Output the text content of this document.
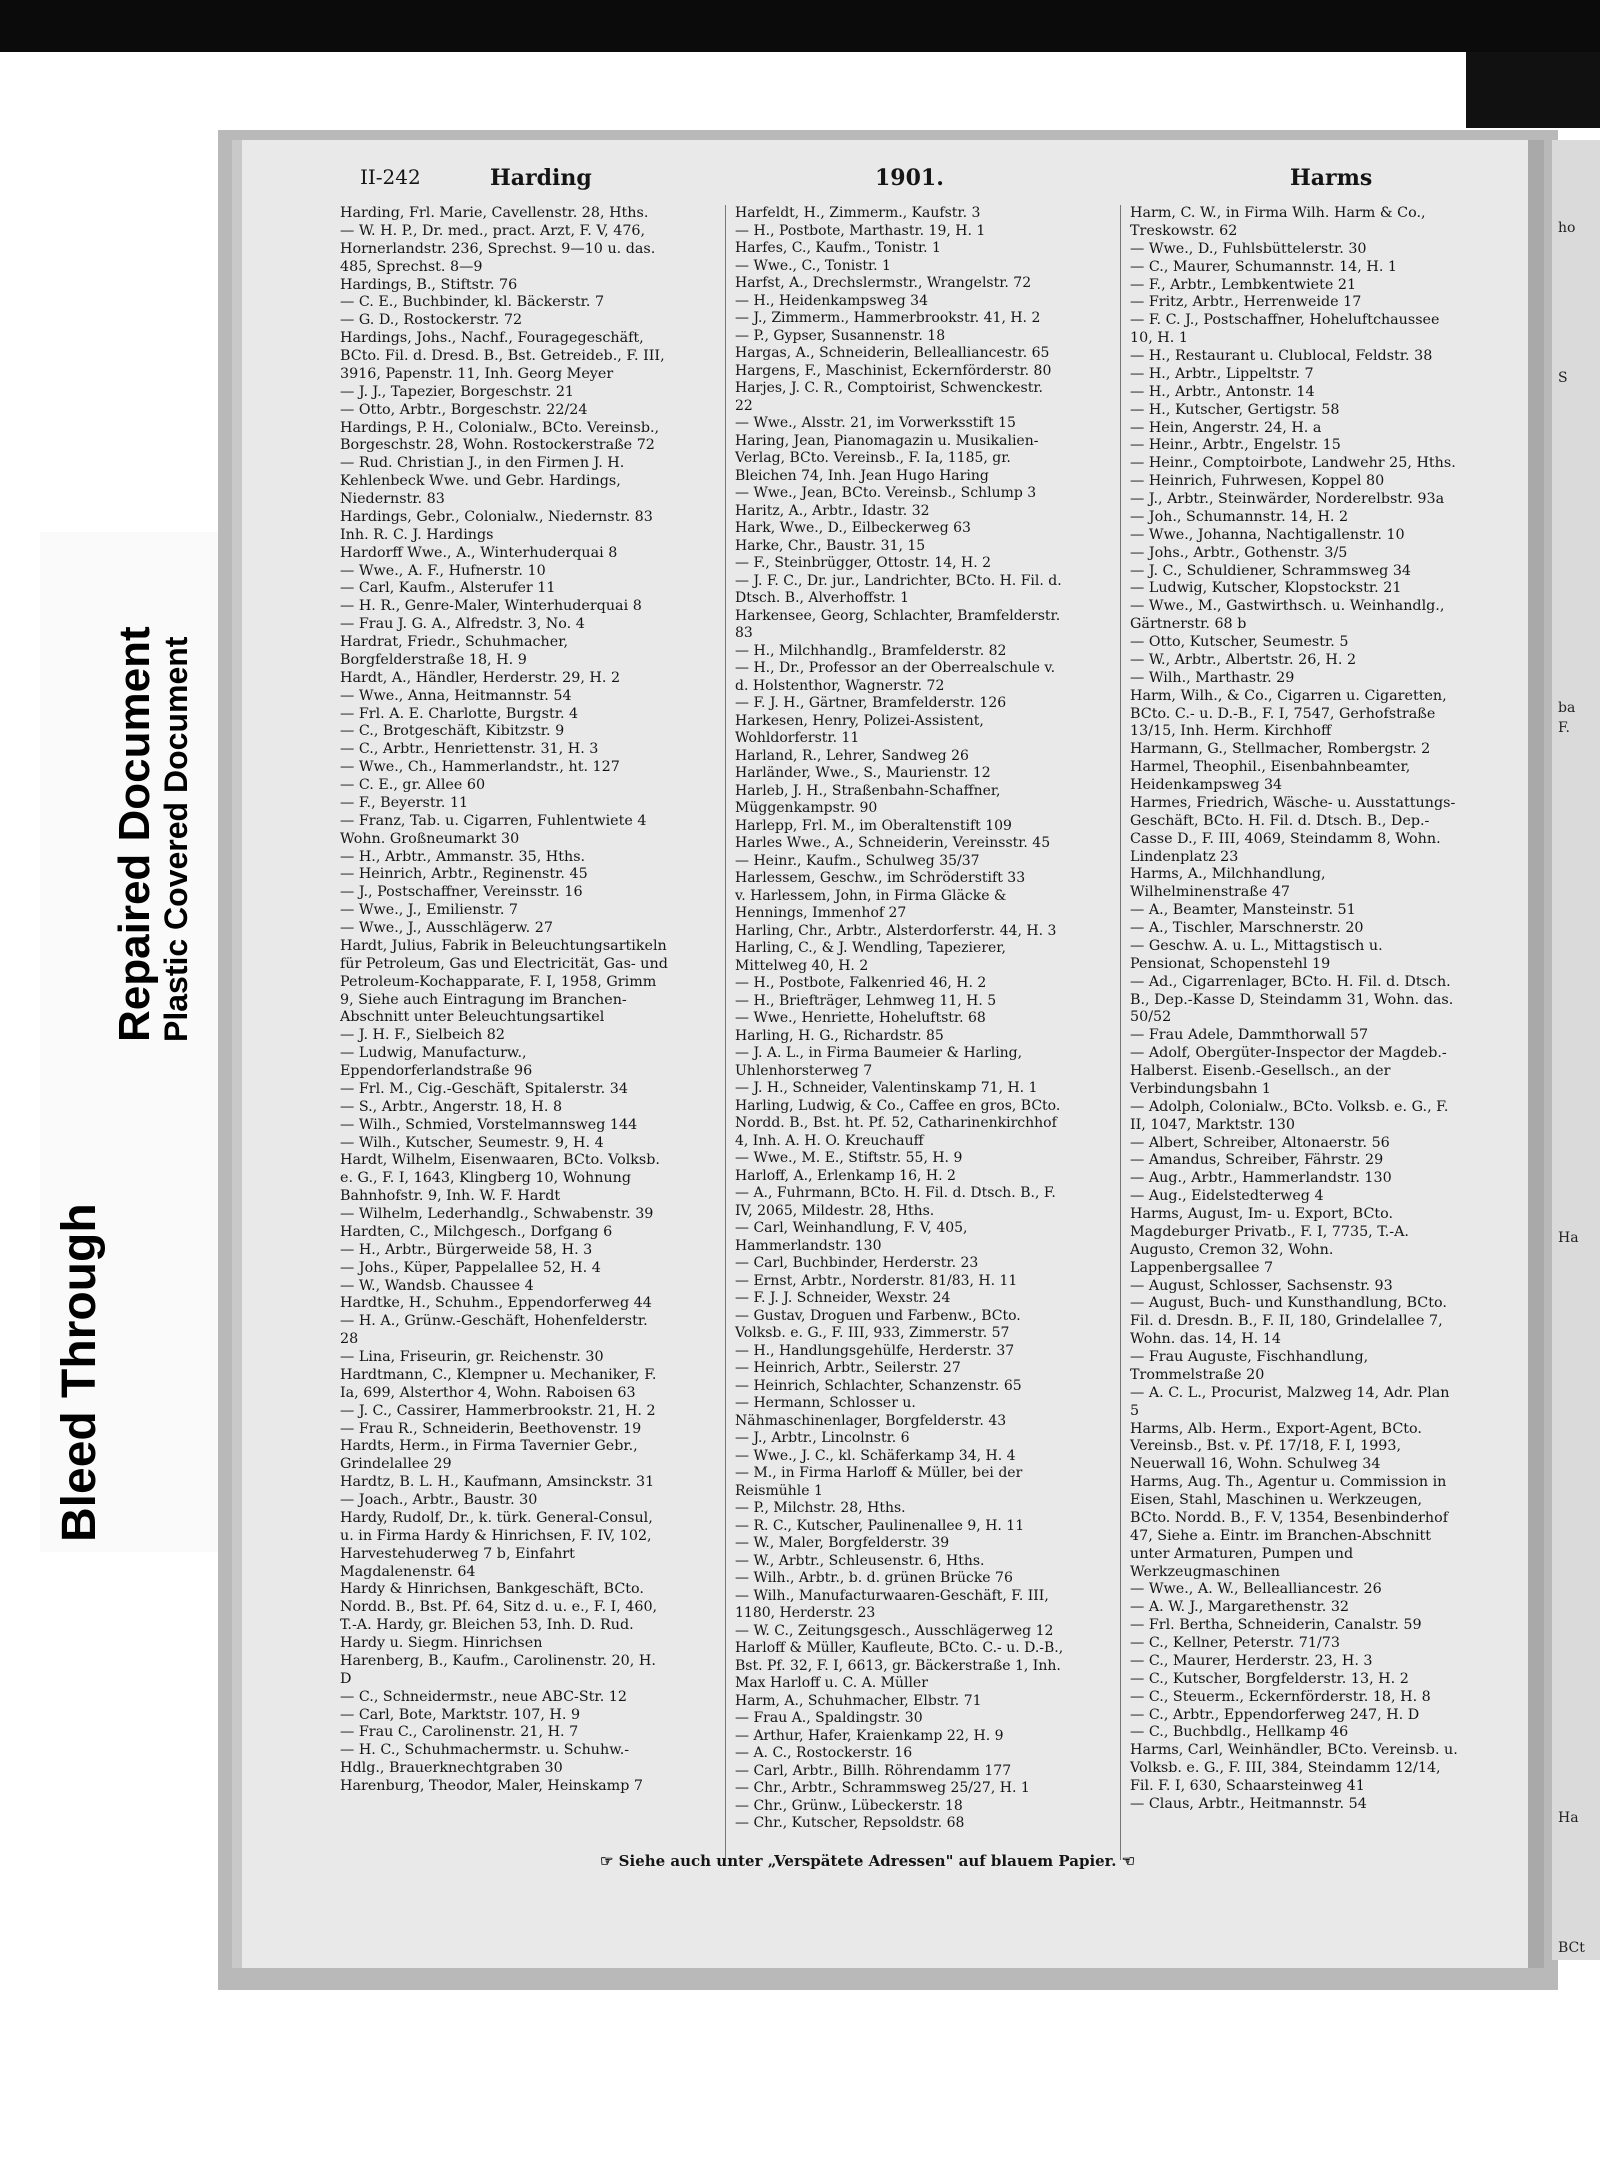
Bleed Through
Repaired Document Plastic Covered Document
II-242	Harding	1901.	Harms

Harding, Frl. Marie, Cavellenstr. 28, Hths.

— W. H. P., Dr. med., pract. Arzt, F. V, 476, Hornerlandstr. 236, Sprechst. 9—10 u. das. 485, Sprechst. 8—9

Hardings, B., Stiftstr. 76

— C. E., Buchbinder, kl. Bäckerstr. 7

— G. D., Rostockerstr. 72

Hardings, Johs., Nachf., Fouragegeschäft, BCto. Fil. d. Dresd. B., Bst. Getreideb., F. III, 3916, Papenstr. 11, Inh. Georg Meyer

— J. J., Tapezier, Borgeschstr. 21

— Otto, Arbtr., Borgeschstr. 22/24

Hardings, P. H., Colonialw., BCto. Vereinsb., Borgeschstr. 28, Wohn. Rostockerstraße 72

— Rud. Christian J., in den Firmen J. H. Kehlenbeck Wwe. und Gebr. Hardings, Niedernstr. 83

Hardings, Gebr., Colonialw., Niedernstr. 83 Inh. R. C. J. Hardings

Hardorff Wwe., A., Winterhuderquai 8

— Wwe., A. F., Hufnerstr. 10

— Carl, Kaufm., Alsterufer 11

— H. R., Genre-Maler, Winterhuderquai 8

— Frau J. G. A., Alfredstr. 3, No. 4

Hardrat, Friedr., Schuhmacher, Borgfelderstraße 18, H. 9

Hardt, A., Händler, Herderstr. 29, H. 2

— Wwe., Anna, Heitmannstr. 54

— Frl. A. E. Charlotte, Burgstr. 4

— C., Brotgeschäft, Kibitzstr. 9

— C., Arbtr., Henriettenstr. 31, H. 3

— Wwe., Ch., Hammerlandstr., ht. 127

— C. E., gr. Allee 60

— F., Beyerstr. 11

— Franz, Tab. u. Cigarren, Fuhlentwiete 4 Wohn. Großneumarkt 30

— H., Arbtr., Ammanstr. 35, Hths.

— Heinrich, Arbtr., Reginenstr. 45

— J., Postschaffner, Vereinsstr. 16

— Wwe., J., Emilienstr. 7

— Wwe., J., Ausschlägerw. 27

Hardt, Julius, Fabrik in Beleuchtungsartikeln für Petroleum, Gas und Electricität, Gas- und Petroleum-Kochapparate, F. I, 1958, Grimm 9, Siehe auch Eintragung im Branchen-Abschnitt unter Beleuchtungsartikel

— J. H. F., Sielbeich 82

— Ludwig, Manufacturw., Eppendorferlandstraße 96

— Frl. M., Cig.-Geschäft, Spitalerstr. 34

— S., Arbtr., Angerstr. 18, H. 8

— Wilh., Schmied, Vorstelmannsweg 144

— Wilh., Kutscher, Seumestr. 9, H. 4

Hardt, Wilhelm, Eisenwaaren, BCto. Volksb. e. G., F. I, 1643, Klingberg 10, Wohnung Bahnhofstr. 9, Inh. W. F. Hardt

— Wilhelm, Lederhandlg., Schwabenstr. 39

Hardten, C., Milchgesch., Dorfgang 6

— H., Arbtr., Bürgerweide 58, H. 3

— Johs., Küper, Pappelallee 52, H. 4

— W., Wandsb. Chaussee 4

Hardtke, H., Schuhm., Eppendorferweg 44

— H. A., Grünw.-Geschäft, Hohenfelderstr. 28

— Lina, Friseurin, gr. Reichenstr. 30

Hardtmann, C., Klempner u. Mechaniker, F. Ia, 699, Alsterthor 4, Wohn. Raboisen 63

— J. C., Cassirer, Hammerbrookstr. 21, H. 2

— Frau R., Schneiderin, Beethovenstr. 19

Hardts, Herm., in Firma Tavernier Gebr., Grindelallee 29

Hardtz, B. L. H., Kaufmann, Amsinckstr. 31

— Joach., Arbtr., Baustr. 30

Hardy, Rudolf, Dr., k. türk. General-Consul, u. in Firma Hardy & Hinrichsen, F. IV, 102, Harvestehuderweg 7 b, Einfahrt Magdalenenstr. 64

Hardy & Hinrichsen, Bankgeschäft, BCto. Nordd. B., Bst. Pf. 64, Sitz d. u. e., F. I, 460, T.-A. Hardy, gr. Bleichen 53, Inh. D. Rud. Hardy u. Siegm. Hinrichsen

Harenberg, B., Kaufm., Carolinenstr. 20, H. D

— C., Schneidermstr., neue ABC-Str. 12

— Carl, Bote, Marktstr. 107, H. 9

— Frau C., Carolinenstr. 21, H. 7

— H. C., Schuhmachermstr. u. Schuhw.-Hdlg., Brauerknechtgraben 30

Harenburg, Theodor, Maler, Heinskamp 7

Harfeldt, H., Zimmerm., Kaufstr. 3

— H., Postbote, Marthastr. 19, H. 1

Harfes, C., Kaufm., Tonistr. 1

— Wwe., C., Tonistr. 1

Harfst, A., Drechslermstr., Wrangelstr. 72

— H., Heidenkampsweg 34

— J., Zimmerm., Hammerbrookstr. 41, H. 2

— P., Gypser, Susannenstr. 18

Hargas, A., Schneiderin, Bellealliancestr. 65

Hargens, F., Maschinist, Eckernförderstr. 80

Harjes, J. C. R., Comptoirist, Schwenckestr. 22

— Wwe., Alsstr. 21, im Vorwerksstift 15

Haring, Jean, Pianomagazin u. Musikalien-Verlag, BCto. Vereinsb., F. Ia, 1185, gr. Bleichen 74, Inh. Jean Hugo Haring

— Wwe., Jean, BCto. Vereinsb., Schlump 3

Haritz, A., Arbtr., Idastr. 32

Hark, Wwe., D., Eilbeckerweg 63

Harke, Chr., Baustr. 31, 15

— F., Steinbrügger, Ottostr. 14, H. 2

— J. F. C., Dr. jur., Landrichter, BCto. H. Fil. d. Dtsch. B., Alverhoffstr. 1

Harkensee, Georg, Schlachter, Bramfelderstr. 83

— H., Milchhandlg., Bramfelderstr. 82

— H., Dr., Professor an der Oberrealschule v. d. Holstenthor, Wagnerstr. 72

— F. J. H., Gärtner, Bramfelderstr. 126

Harkesen, Henry, Polizei-Assistent, Wohldorferstr. 11

Harland, R., Lehrer, Sandweg 26

Harländer, Wwe., S., Maurienstr. 12

Harleb, J. H., Straßenbahn-Schaffner, Müggenkampstr. 90

Harlepp, Frl. M., im Oberaltenstift 109

Harles Wwe., A., Schneiderin, Vereinsstr. 45

— Heinr., Kaufm., Schulweg 35/37

Harlessem, Geschw., im Schröderstift 33

v. Harlessem, John, in Firma Gläcke & Hennings, Immenhof 27

Harling, Chr., Arbtr., Alsterdorferstr. 44, H. 3

Harling, C., & J. Wendling, Tapezierer, Mittelweg 40, H. 2

— H., Postbote, Falkenried 46, H. 2

— H., Briefträger, Lehmweg 11, H. 5

— Wwe., Henriette, Hoheluftstr. 68

Harling, H. G., Richardstr. 85

— J. A. L., in Firma Baumeier & Harling, Uhlenhorsterweg 7

— J. H., Schneider, Valentinskamp 71, H. 1

Harling, Ludwig, & Co., Caffee en gros, BCto. Nordd. B., Bst. ht. Pf. 52, Catharinenkirchhof 4, Inh. A. H. O. Kreuchauff

— Wwe., M. E., Stiftstr. 55, H. 9

Harloff, A., Erlenkamp 16, H. 2

— A., Fuhrmann, BCto. H. Fil. d. Dtsch. B., F. IV, 2065, Mildestr. 28, Hths.

— Carl, Weinhandlung, F. V, 405, Hammerlandstr. 130

— Carl, Buchbinder, Herderstr. 23

— Ernst, Arbtr., Norderstr. 81/83, H. 11

— F. J. J. Schneider, Wexstr. 24

— Gustav, Droguen und Farbenw., BCto. Volksb. e. G., F. III, 933, Zimmerstr. 57

— H., Handlungsgehülfe, Herderstr. 37

— Heinrich, Arbtr., Seilerstr. 27

— Heinrich, Schlachter, Schanzenstr. 65

— Hermann, Schlosser u. Nähmaschinenlager, Borgfelderstr. 43

— J., Arbtr., Lincolnstr. 6

— Wwe., J. C., kl. Schäferkamp 34, H. 4

— M., in Firma Harloff & Müller, bei der Reismühle 1

— P., Milchstr. 28, Hths.

— R. C., Kutscher, Paulinenallee 9, H. 11

— W., Maler, Borgfelderstr. 39

— W., Arbtr., Schleusenstr. 6, Hths.

— Wilh., Arbtr., b. d. grünen Brücke 76

— Wilh., Manufacturwaaren-Geschäft, F. III, 1180, Herderstr. 23

— W. C., Zeitungsgesch., Ausschlägerweg 12

Harloff & Müller, Kaufleute, BCto. C.- u. D.-B., Bst. Pf. 32, F. I, 6613, gr. Bäckerstraße 1, Inh. Max Harloff u. C. A. Müller

Harm, A., Schuhmacher, Elbstr. 71

— Frau A., Spaldingstr. 30

— Arthur, Hafer, Kraienkamp 22, H. 9

— A. C., Rostockerstr. 16

— Carl, Arbtr., Billh. Röhrendamm 177

— Chr., Arbtr., Schrammsweg 25/27, H. 1

— Chr., Grünw., Lübeckerstr. 18

— Chr., Kutscher, Repsoldstr. 68

Harm, C. W., in Firma Wilh. Harm & Co., Treskowstr. 62

— Wwe., D., Fuhlsbüttelerstr. 30

— C., Maurer, Schumannstr. 14, H. 1

— F., Arbtr., Lembkentwiete 21

— Fritz, Arbtr., Herrenweide 17

— F. C. J., Postschaffner, Hoheluftchaussee 10, H. 1

— H., Restaurant u. Clublocal, Feldstr. 38

— H., Arbtr., Lippeltstr. 7

— H., Arbtr., Antonstr. 14

— H., Kutscher, Gertigstr. 58

— Hein, Angerstr. 24, H. a

— Heinr., Arbtr., Engelstr. 15

— Heinr., Comptoirbote, Landwehr 25, Hths.

— Heinrich, Fuhrwesen, Koppel 80

— J., Arbtr., Steinwärder, Norderelbstr. 93a

— Joh., Schumannstr. 14, H. 2

— Wwe., Johanna, Nachtigallenstr. 10

— Johs., Arbtr., Gothenstr. 3/5

— J. C., Schuldiener, Schrammsweg 34

— Ludwig, Kutscher, Klopstockstr. 21

— Wwe., M., Gastwirthsch. u. Weinhandlg., Gärtnerstr. 68 b

— Otto, Kutscher, Seumestr. 5

— W., Arbtr., Albertstr. 26, H. 2

— Wilh., Marthastr. 29

Harm, Wilh., & Co., Cigarren u. Cigaretten, BCto. C.- u. D.-B., F. I, 7547, Gerhofstraße 13/15, Inh. Herm. Kirchhoff

Harmann, G., Stellmacher, Rombergstr. 2

Harmel, Theophil., Eisenbahnbeamter, Heidenkampsweg 34

Harmes, Friedrich, Wäsche- u. Ausstattungs-Geschäft, BCto. H. Fil. d. Dtsch. B., Dep.-Casse D., F. III, 4069, Steindamm 8, Wohn. Lindenplatz 23

Harms, A., Milchhandlung, Wilhelminenstraße 47

— A., Beamter, Mansteinstr. 51

— A., Tischler, Marschnerstr. 20

— Geschw. A. u. L., Mittagstisch u. Pensionat, Schopenstehl 19

— Ad., Cigarrenlager, BCto. H. Fil. d. Dtsch. B., Dep.-Kasse D, Steindamm 31, Wohn. das. 50/52

— Frau Adele, Dammthorwall 57

— Adolf, Obergüter-Inspector der Magdeb.-Halberst. Eisenb.-Gesellsch., an der Verbindungsbahn 1

— Adolph, Colonialw., BCto. Volksb. e. G., F. II, 1047, Marktstr. 130

— Albert, Schreiber, Altonaerstr. 56

— Amandus, Schreiber, Fährstr. 29

— Aug., Arbtr., Hammerlandstr. 130

— Aug., Eidelstedterweg 4

Harms, August, Im- u. Export, BCto. Magdeburger Privatb., F. I, 7735, T.-A. Augusto, Cremon 32, Wohn. Lappenbergsallee 7

— August, Schlosser, Sachsenstr. 93

— August, Buch- und Kunsthandlung, BCto. Fil. d. Dresdn. B., F. II, 180, Grindelallee 7, Wohn. das. 14, H. 14

— Frau Auguste, Fischhandlung, Trommelstraße 20

— A. C. L., Procurist, Malzweg 14, Adr. Plan 5

Harms, Alb. Herm., Export-Agent, BCto. Vereinsb., Bst. v. Pf. 17/18, F. I, 1993, Neuerwall 16, Wohn. Schulweg 34

Harms, Aug. Th., Agentur u. Commission in Eisen, Stahl, Maschinen u. Werkzeugen, BCto. Nordd. B., F. V, 1354, Besenbinderhof 47, Siehe a. Eintr. im Branchen-Abschnitt unter Armaturen, Pumpen und Werkzeugmaschinen

— Wwe., A. W., Bellealliancestr. 26

— A. W. J., Margarethenstr. 32

— Frl. Bertha, Schneiderin, Canalstr. 59

— C., Kellner, Peterstr. 71/73

— C., Maurer, Herderstr. 23, H. 3

— C., Kutscher, Borgfelderstr. 13, H. 2

— C., Steuerm., Eckernförderstr. 18, H. 8

— C., Arbtr., Eppendorferweg 247, H. D

— C., Buchbdlg., Hellkamp 46

Harms, Carl, Weinhändler, BCto. Vereinsb. u. Volksb. e. G., F. III, 384, Steindamm 12/14, Fil. F. I, 630, Schaarsteinweg 41

— Claus, Arbtr., Heitmannstr. 54

☞ Siehe auch unter „Verspätete Adressen" auf blauem Papier. ☜
ho
S
ba
F.
Ha
Ha
BCt
